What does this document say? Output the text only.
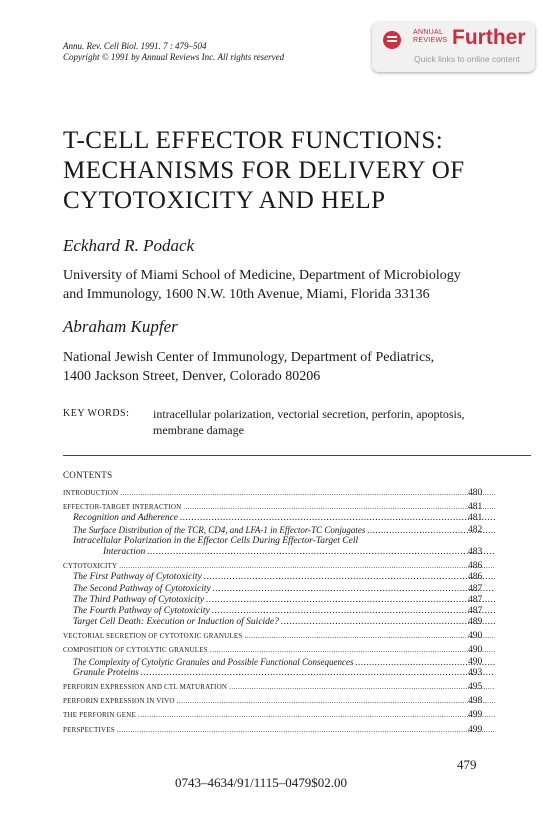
Annu. Rev. Cell Biol. 1991. 7 : 479–504
Copyright © 1991 by Annual Reviews Inc. All rights reserved
ANNUAL
REVIEWS Further
Quick links to online content
T-CELL EFFECTOR FUNCTIONS:
MECHANISMS FOR DELIVERY OF
CYTOTOXICITY AND HELP
Eckhard R. Podack
University of Miami School of Medicine, Department of Microbiology
and Immunology, 1600 N.W. 10th Avenue, Miami, Florida 33136
Abraham Kupfer
National Jewish Center of Immunology, Department of Pediatrics,
1400 Jackson Street, Denver, Colorado 80206
KEY WORDS: intracellular polarization, vectorial secretion, perforin, apoptosis,
membrane damage
CONTENTS
INTRODUCTION .....	480
EFFECTOR-TARGET INTERACTION .....	481
Recognition and Adherence .....	481
The Surface Distribution of the TCR, CD4, and LFA-1 in Effector-TC Conjugates .....	482
Intracellular Polarization in the Effector Cells During Effector-Target Cell
Interaction .....	483
CYTOTOXICITY .....	486
The First Pathway of Cytotoxicity .....	486
The Second Pathway of Cytotoxicity .....	487
The Third Pathway of Cytotoxicity .....	487
The Fourth Pathway of Cytotoxicity .....	487
Target Cell Death: Execution or Induction of Suicide? .....	489
VECTORIAL SECRETION OF CYTOTOXIC GRANULES .....	490
COMPOSITION OF CYTOLYTIC GRANULES .....	490
The Complexity of Cytolytic Granules and Possible Functional Consequences .....	490
Granule Proteins .....	493
PERFORIN EXPRESSION AND CTL MATURATION .....	495
PERFORIN EXPRESSION IN VIVO .....	498
THE PERFORIN GENE .....	499
PERSPECTIVES .....	499
479
0743–4634/91/1115–0479$02.00
